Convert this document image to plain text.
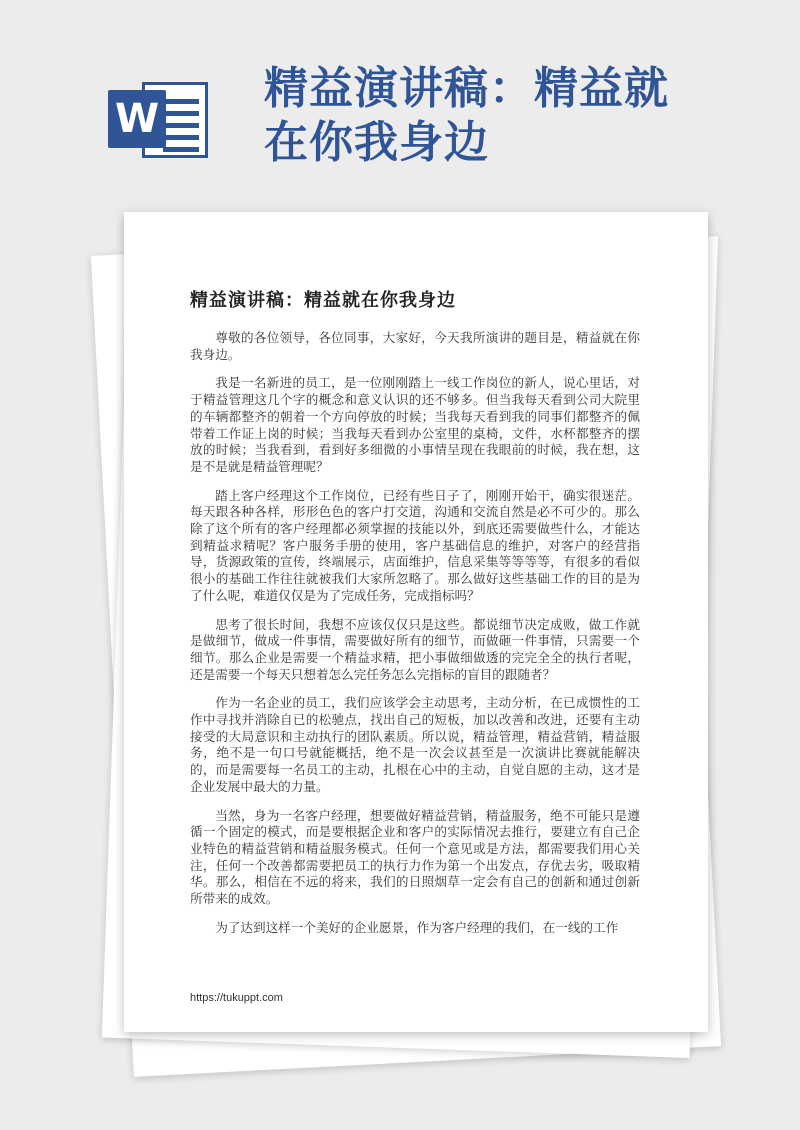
W
精益演讲稿：精益就在你我身边
精益演讲稿：精益就在你我身边

尊敬的各位领导，各位同事，大家好，今天我所演讲的题目是，精益就在你我身边。

我是一名新进的员工，是一位刚刚踏上一线工作岗位的新人，说心里话，对于精益管理这几个字的概念和意义认识的还不够多。但当我每天看到公司大院里的车辆都整齐的朝着一个方向停放的时候；当我每天看到我的同事们都整齐的佩带着工作证上岗的时候；当我每天看到办公室里的桌椅，文件，水杯都整齐的摆放的时候；当我看到，看到好多细微的小事情呈现在我眼前的时候，我在想，这是不是就是精益管理呢？

踏上客户经理这个工作岗位，已经有些日子了，刚刚开始干，确实很迷茫。每天跟各种各样，形形色色的客户打交道，沟通和交流自然是必不可少的。那么除了这个所有的客户经理都必须掌握的技能以外，到底还需要做些什么，才能达到精益求精呢？客户服务手册的使用，客户基础信息的维护，对客户的经营指导，货源政策的宣传，终端展示，店面维护，信息采集等等等等，有很多的看似很小的基础工作往往就被我们大家所忽略了。那么做好这些基础工作的目的是为了什么呢，难道仅仅是为了完成任务，完成指标吗？

思考了很长时间，我想不应该仅仅只是这些。都说细节决定成败，做工作就是做细节，做成一件事情，需要做好所有的细节，而做砸一件事情，只需要一个细节。那么企业是需要一个精益求精，把小事做细做透的完完全全的执行者呢，还是需要一个每天只想着怎么完任务怎么完指标的盲目的跟随者？

作为一名企业的员工，我们应该学会主动思考，主动分析，在已成惯性的工作中寻找并消除自已的松驰点，找出自己的短板，加以改善和改进，还要有主动接受的大局意识和主动执行的团队素质。所以说，精益管理，精益营销，精益服务，绝不是一句口号就能概括，绝不是一次会议甚至是一次演讲比赛就能解决的，而是需要每一名员工的主动，扎根在心中的主动，自觉自愿的主动，这才是企业发展中最大的力量。

当然，身为一名客户经理，想要做好精益营销，精益服务，绝不可能只是遵循一个固定的模式，而是要根据企业和客户的实际情况去推行，要建立有自己企业特色的精益营销和精益服务模式。任何一个意见或是方法，都需要我们用心关注，任何一个改善都需要把员工的执行力作为第一个出发点，存优去劣，吸取精华。那么，相信在不远的将来，我们的日照烟草一定会有自己的创新和通过创新所带来的成效。

为了达到这样一个美好的企业愿景，作为客户经理的我们，在一线的工作

https://tukuppt.com
